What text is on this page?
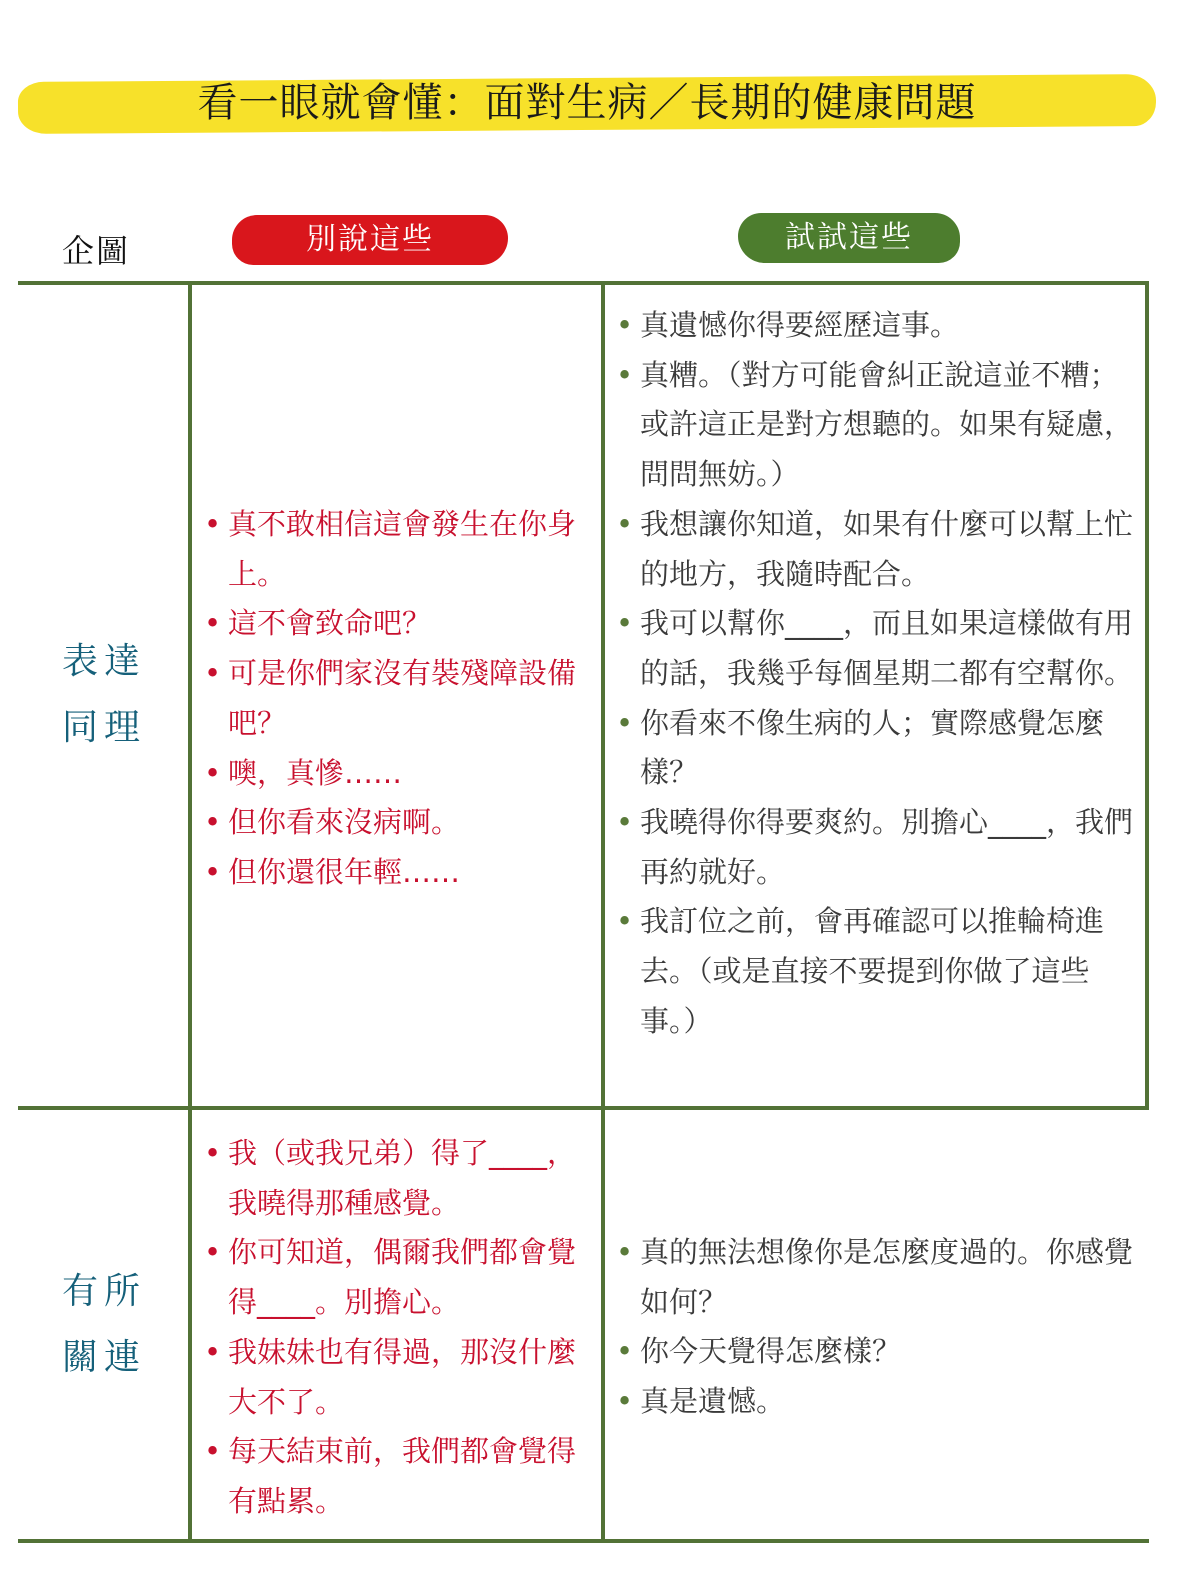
看一眼就會懂：面對生病／長期的健康問題
企圖	別說這些	試試這些
表達
同理
• 真不敢相信這會發生在你身上。
• 這不會致命吧？
• 可是你們家沒有裝殘障設備吧？
• 噢，真慘……
• 但你看來沒病啊。
• 但你還很年輕……
• 真遺憾你得要經歷這事。
• 真糟。（對方可能會糾正說這並不糟；或許這正是對方想聽的。如果有疑慮，問問無妨。）
• 我想讓你知道，如果有什麼可以幫上忙的地方，我隨時配合。
• 我可以幫你____，而且如果這樣做有用的話，我幾乎每個星期二都有空幫你。
• 你看來不像生病的人；實際感覺怎麼樣？
• 我曉得你得要爽約。別擔心____，我們再約就好。
• 我訂位之前，會再確認可以推輪椅進去。（或是直接不要提到你做了這些事。）
有所
關連
• 我（或我兄弟）得了____，我曉得那種感覺。
• 你可知道，偶爾我們都會覺得____。別擔心。
• 我妹妹也有得過，那沒什麼大不了。
• 每天結束前，我們都會覺得有點累。
• 真的無法想像你是怎麼度過的。你感覺如何？
• 你今天覺得怎麼樣？
• 真是遺憾。
